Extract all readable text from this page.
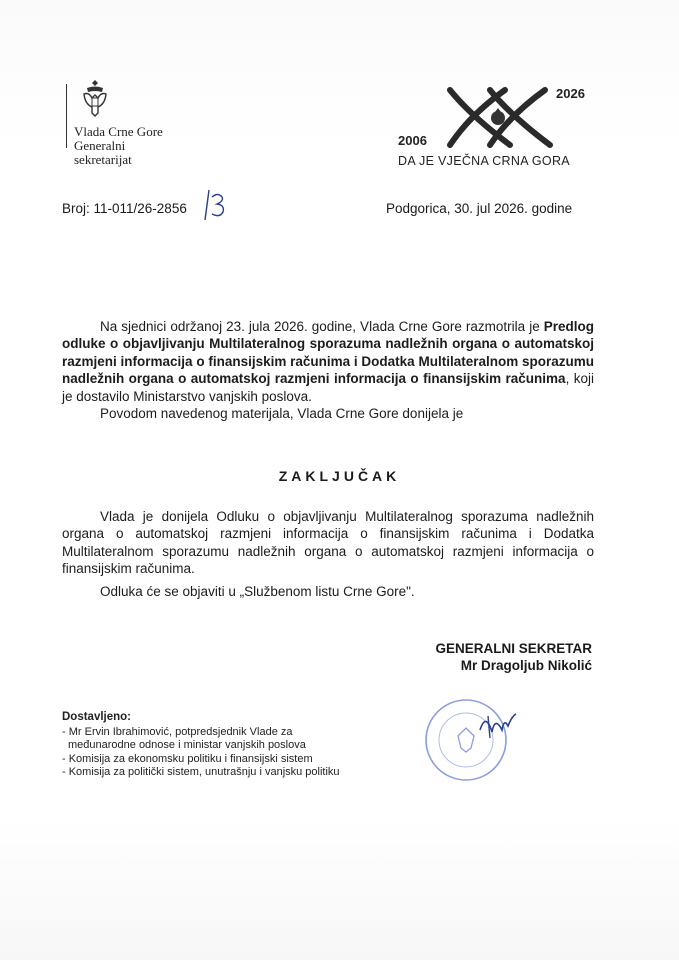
Vlada Crne Gore
Generalni
sekretarijat
2026
2006
DA JE VJEČNA CRNA GORA
Broj: 11-011/26-2856	Podgorica, 30. jul 2026. godine
Na sjednici održanoj 23. jula 2026. godine, Vlada Crne Gore razmotrila je Predlog odluke o objavljivanju Multilateralnog sporazuma nadležnih organa o automatskoj razmjeni informacija o finansijskim računima i Dodatka Multilateralnom sporazumu nadležnih organa o automatskoj razmjeni informacija o finansijskim računima, koji je dostavilo Ministarstvo vanjskih poslova.
Povodom navedenog materijala, Vlada Crne Gore donijela je
ZAKLJUČAK
Vlada je donijela Odluku o objavljivanju Multilateralnog sporazuma nadležnih organa o automatskoj razmjeni informacija o finansijskim računima i Dodatka Multilateralnom sporazumu nadležnih organa o automatskoj razmjeni informacija o finansijskim računima.
Odluka će se objaviti u „Službenom listu Crne Gore".
GENERALNI SEKRETAR
Mr Dragoljub Nikolić
Dostavljeno:
- Mr Ervin Ibrahimović, potpredsjednik Vlade za
međunarodne odnose i ministar vanjskih poslova
- Komisija za ekonomsku politiku i finansijski sistem
- Komisija za politički sistem, unutrašnju i vanjsku politiku
